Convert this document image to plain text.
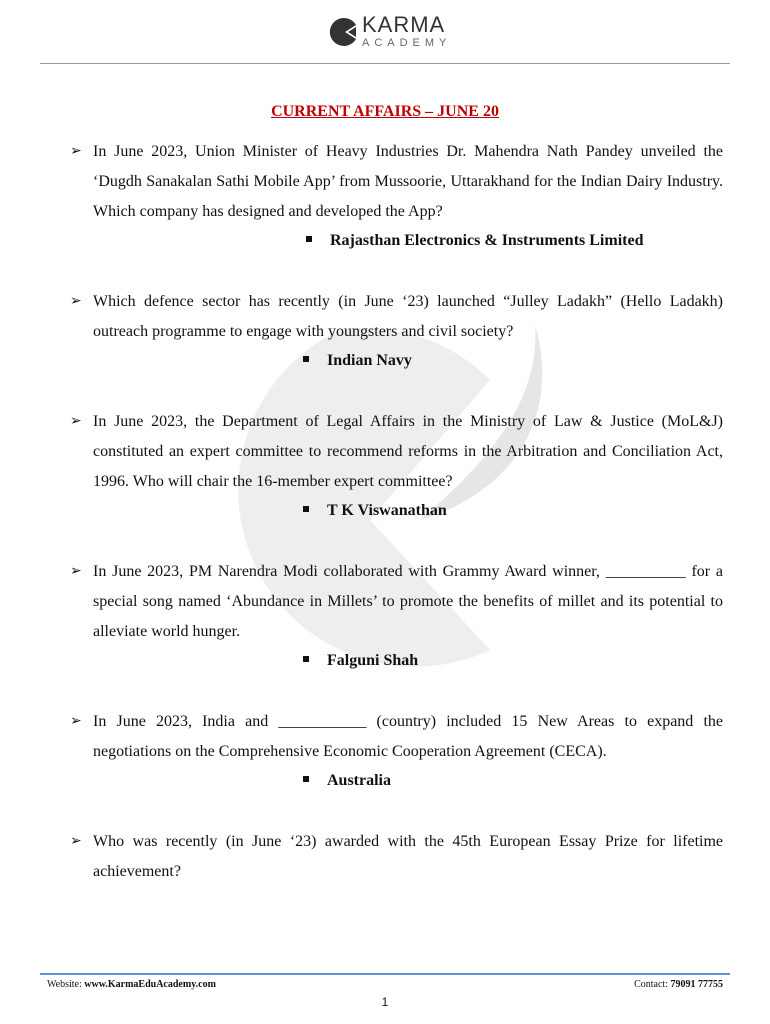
KARMA
ACADEMY
CURRENT AFFAIRS – JUNE 20
➢ In June 2023, Union Minister of Heavy Industries Dr. Mahendra Nath Pandey unveiled the ‘Dugdh Sanakalan Sathi Mobile App’ from Mussoorie, Uttarakhand for the Indian Dairy Industry. Which company has designed and developed the App?
Rajasthan Electronics & Instruments Limited
➢ Which defence sector has recently (in June ‘23) launched “Julley Ladakh” (Hello Ladakh) outreach programme to engage with youngsters and civil society?
Indian Navy
➢ In June 2023, the Department of Legal Affairs in the Ministry of Law & Justice (MoL&J) constituted an expert committee to recommend reforms in the Arbitration and Conciliation Act, 1996. Who will chair the 16-member expert committee?
T K Viswanathan
➢ In June 2023, PM Narendra Modi collaborated with Grammy Award winner, __________ for a special song named ‘Abundance in Millets’ to promote the benefits of millet and its potential to alleviate world hunger.
Falguni Shah
➢ In June 2023, India and ___________ (country) included 15 New Areas to expand the negotiations on the Comprehensive Economic Cooperation Agreement (CECA).
Australia
➢ Who was recently (in June ‘23) awarded with the 45th European Essay Prize for lifetime achievement?
Website: www.KarmaEduAcademy.com	Contact: 79091 77755
1
